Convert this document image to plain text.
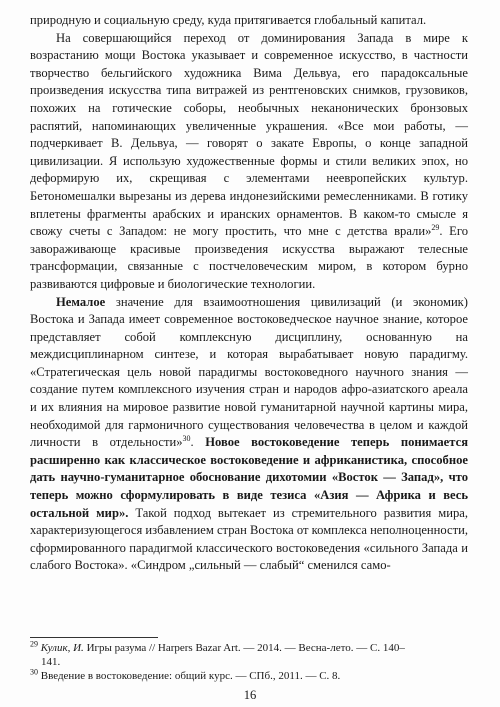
природную и социальную среду, куда притягивается глобальный капитал.

На совершающийся переход от доминирования Запада в мире к возрастанию мощи Востока указывает и современное искусство, в частности творчество бельгийского художника Вима Дельвуа, его парадоксальные произведения искусства типа витражей из рентгеновских снимков, грузовиков, похожих на готические соборы, необычных неканонических бронзовых распятий, напоминающих увеличенные украшения. «Все мои работы, — подчеркивает В. Дельвуа, — говорят о закате Европы, о конце западной цивилизации. Я использую художественные формы и стили великих эпох, но деформирую их, скрещивая с элементами неевропейских культур. Бетономешалки вырезаны из дерева индонезийскими ремесленниками. В готику вплетены фрагменты арабских и иранских орнаментов. В каком-то смысле я свожу счеты с Западом: не могу простить, что мне с детства врали»$^{29}$. Его завораживающе красивые произведения искусства выражают телесные трансформации, связанные с постчеловеческим миром, в котором бурно развиваются цифровые и биологические технологии.

Немалое значение для взаимоотношения цивилизаций (и экономик) Востока и Запада имеет современное востоковедческое научное знание, которое представляет собой комплексную дисциплину, основанную на междисциплинарном синтезе, и которая вырабатывает новую парадигму. «Стратегическая цель новой парадигмы востоковедного научного знания — создание путем комплексного изучения стран и народов афро-азиатского ареала и их влияния на мировое развитие новой гуманитарной научной картины мира, необходимой для гармоничного существования человечества в целом и каждой личности в отдельности»$^{30}$. Новое востоковедение теперь понимается расширенно как классическое востоковедение и африканистика, способное дать научно-гуманитарное обоснование дихотомии «Восток — Запад», что теперь можно сформулировать в виде тезиса «Азия — Африка и весь остальной мир». Такой подход вытекает из стремительного развития мира, характеризующегося избавлением стран Востока от комплекса неполноценности, сформированного парадигмой классического востоковедения «сильного Запада и слабого Востока». «Синдром „сильный — слабый“ сменился само-

$^{29}$ Кулик, И. Игры разума // Harpers Bazar Art. — 2014. — Весна-лето. — С. 140–

141.

$^{30}$ Введение в востоковедение: общий курс. — СПб., 2011. — С. 8.

16
